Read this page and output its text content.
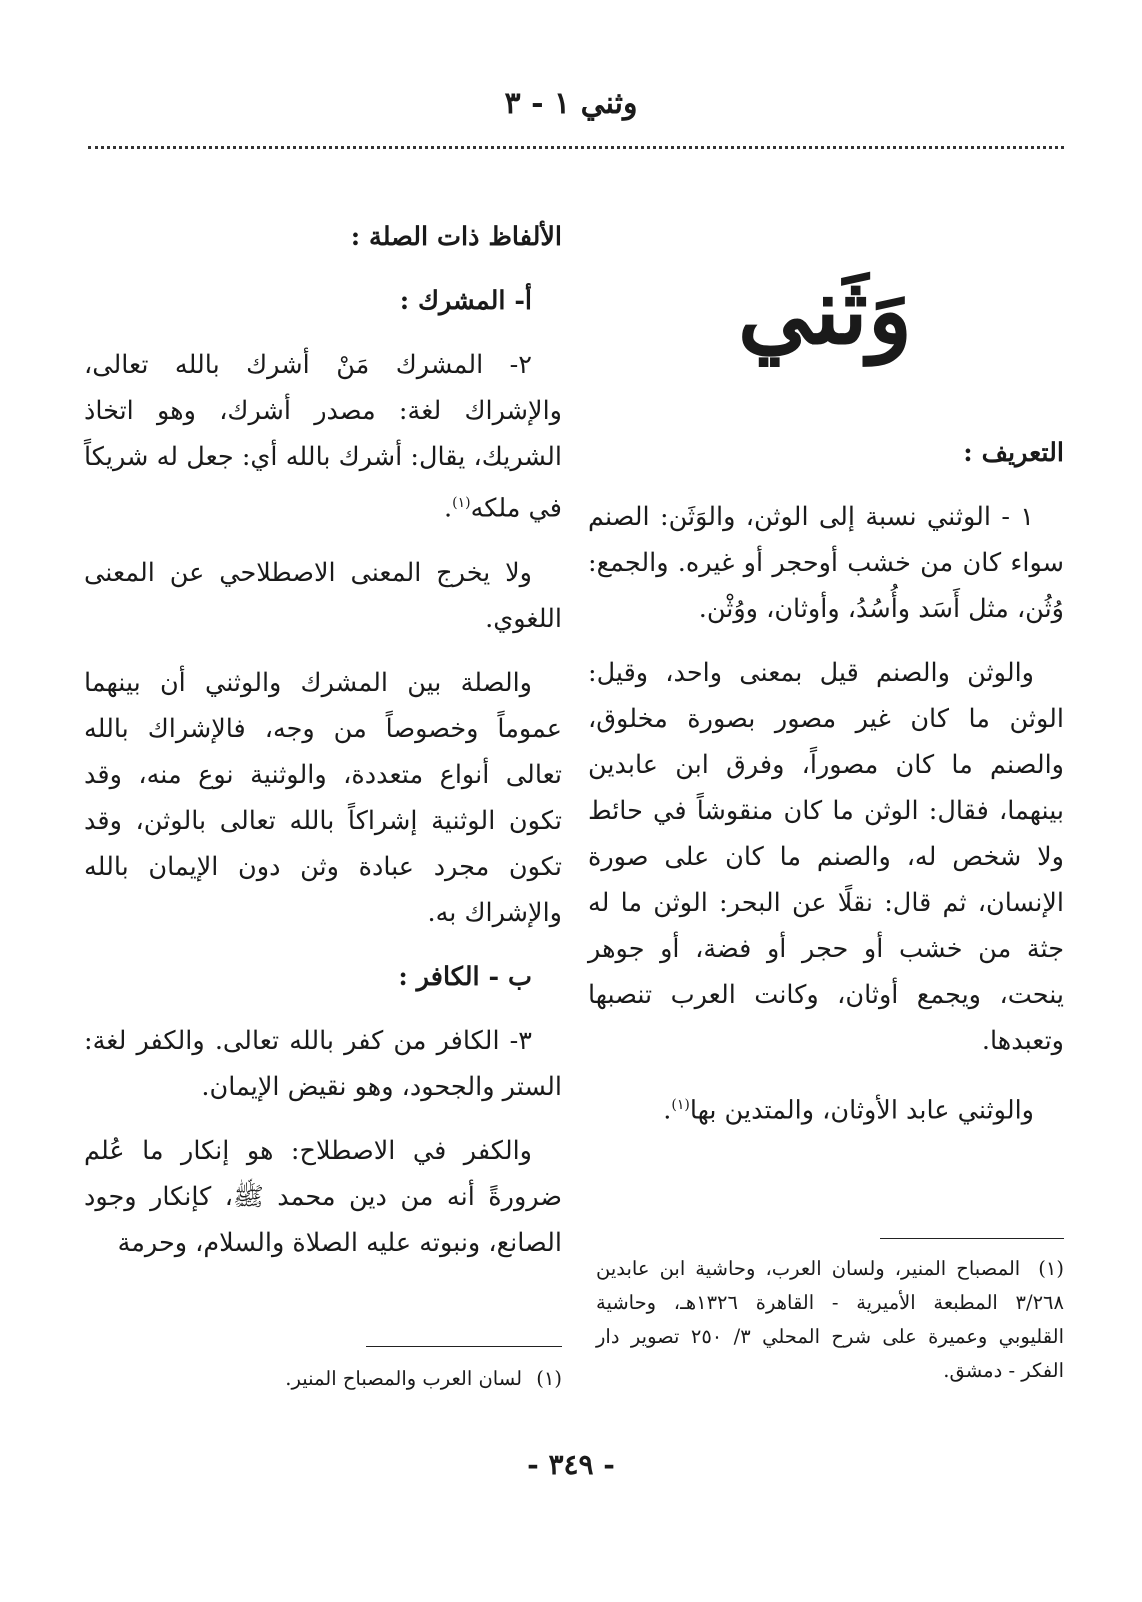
وثني ١ - ٣
وَثَني
التعريف :

١ - الوثني نسبة إلى الوثن، والوَثَن: الصنم سواء كان من خشب أوحجر أو غيره. والجمع: وُثُن، مثل أَسَد وأُسُدُ، وأوثان، ووُثْن.

والوثن والصنم قيل بمعنى واحد، وقيل: الوثن ما كان غير مصور بصورة مخلوق، والصنم ما كان مصوراً، وفرق ابن عابدين بينهما، فقال: الوثن ما كان منقوشاً في حائط ولا شخص له، والصنم ما كان على صورة الإنسان، ثم قال: نقلًا عن البحر: الوثن ما له جثة من خشب أو حجر أو فضة، أو جوهر ينحت، ويجمع أوثان، وكانت العرب تنصبها وتعبدها.

والوثني عابد الأوثان، والمتدين بها$^{(١)}$.

(١) المصباح المنير، ولسان العرب، وحاشية ابن عابدين ٣/٢٦٨ المطبعة الأميرية - القاهرة ١٣٢٦هـ، وحاشية القليوبي وعميرة على شرح المحلي ٣/ ٢٥٠ تصوير دار الفكر - دمشق.
الألفاظ ذات الصلة :
أ- المشرك :

٢- المشرك مَنْ أشرك بالله تعالى، والإشراك لغة: مصدر أشرك، وهو اتخاذ الشريك، يقال: أشرك بالله أي: جعل له شريكاً في ملكه$^{(١)}$.

ولا يخرج المعنى الاصطلاحي عن المعنى اللغوي.

والصلة بين المشرك والوثني أن بينهما عموماً وخصوصاً من وجه، فالإشراك بالله تعالى أنواع متعددة، والوثنية نوع منه، وقد تكون الوثنية إشراكاً بالله تعالى بالوثن، وقد تكون مجرد عبادة وثن دون الإيمان بالله والإشراك به.

ب - الكافر :

٣- الكافر من كفر بالله تعالى. والكفر لغة: الستر والجحود، وهو نقيض الإيمان.

والكفر في الاصطلاح: هو إنكار ما عُلم ضرورةً أنه من دين محمد ﷺ، كإنكار وجود الصانع، ونبوته عليه الصلاة والسلام، وحرمة

(١) لسان العرب والمصباح المنير.
- ٣٤٩ -
